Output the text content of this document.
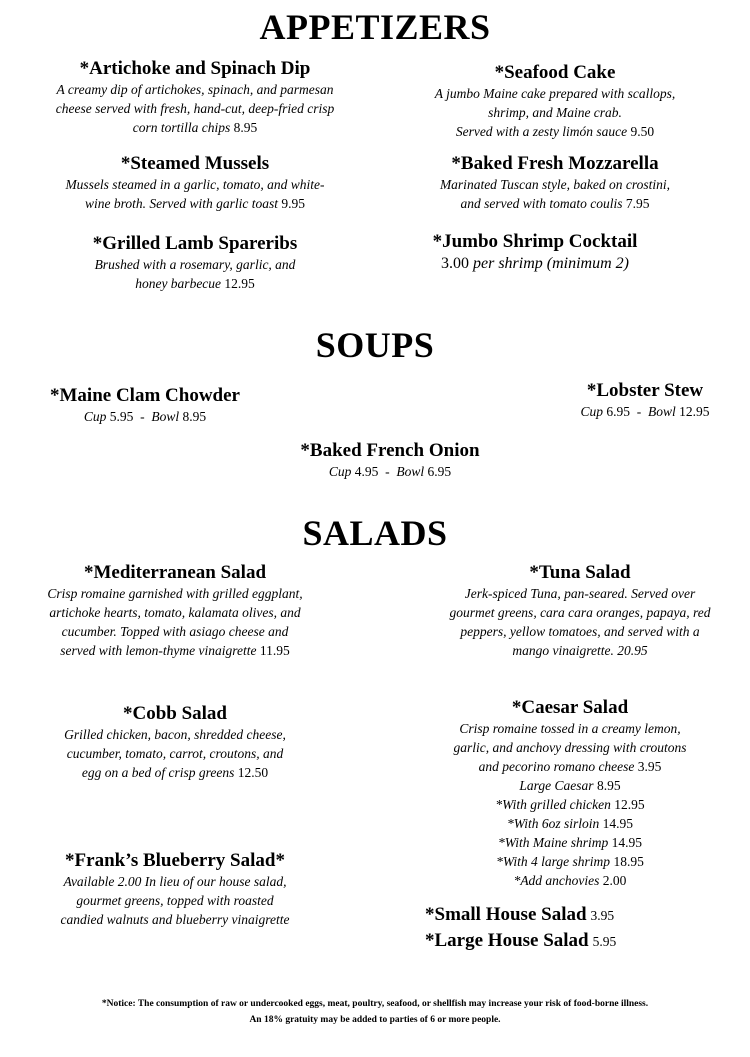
APPETIZERS
*Artichoke and Spinach Dip
A creamy dip of artichokes, spinach, and parmesan
cheese served with fresh, hand-cut, deep-fried crisp
corn tortilla chips 8.95
*Seafood Cake
A jumbo Maine cake prepared with scallops,
shrimp, and Maine crab.
Served with a zesty limón sauce 9.50
*Steamed Mussels
Mussels steamed in a garlic, tomato, and white-
wine broth. Served with garlic toast 9.95
*Baked Fresh Mozzarella
Marinated Tuscan style, baked on crostini,
and served with tomato coulis 7.95
*Grilled Lamb Spareribs
Brushed with a rosemary, garlic, and
honey barbecue 12.95
*Jumbo Shrimp Cocktail
3.00 per shrimp (minimum 2)
SOUPS
*Maine Clam Chowder
Cup 5.95 - Bowl 8.95
*Lobster Stew
Cup 6.95 - Bowl 12.95
*Baked French Onion
Cup 4.95 - Bowl 6.95
SALADS
*Mediterranean Salad
Crisp romaine garnished with grilled eggplant,
artichoke hearts, tomato, kalamata olives, and
cucumber. Topped with asiago cheese and
served with lemon-thyme vinaigrette 11.95
*Tuna Salad
Jerk-spiced Tuna, pan-seared. Served over
gourmet greens, cara cara oranges, papaya, red
peppers, yellow tomatoes, and served with a
mango vinaigrette. 20.95
*Cobb Salad
Grilled chicken, bacon, shredded cheese,
cucumber, tomato, carrot, croutons, and
egg on a bed of crisp greens 12.50
*Caesar Salad
Crisp romaine tossed in a creamy lemon,
garlic, and anchovy dressing with croutons
and pecorino romano cheese 3.95
Large Caesar 8.95
*With grilled chicken 12.95
*With 6oz sirloin 14.95
*With Maine shrimp 14.95
*With 4 large shrimp 18.95
*Add anchovies 2.00
*Frank’s Blueberry Salad*
Available 2.00 In lieu of our house salad,
gourmet greens, topped with roasted
candied walnuts and blueberry vinaigrette	*Small House Salad 3.95
*Large House Salad 5.95
*Notice: The consumption of raw or undercooked eggs, meat, poultry, seafood, or shellfish may increase your risk of food-borne illness.
An 18% gratuity may be added to parties of 6 or more people.
